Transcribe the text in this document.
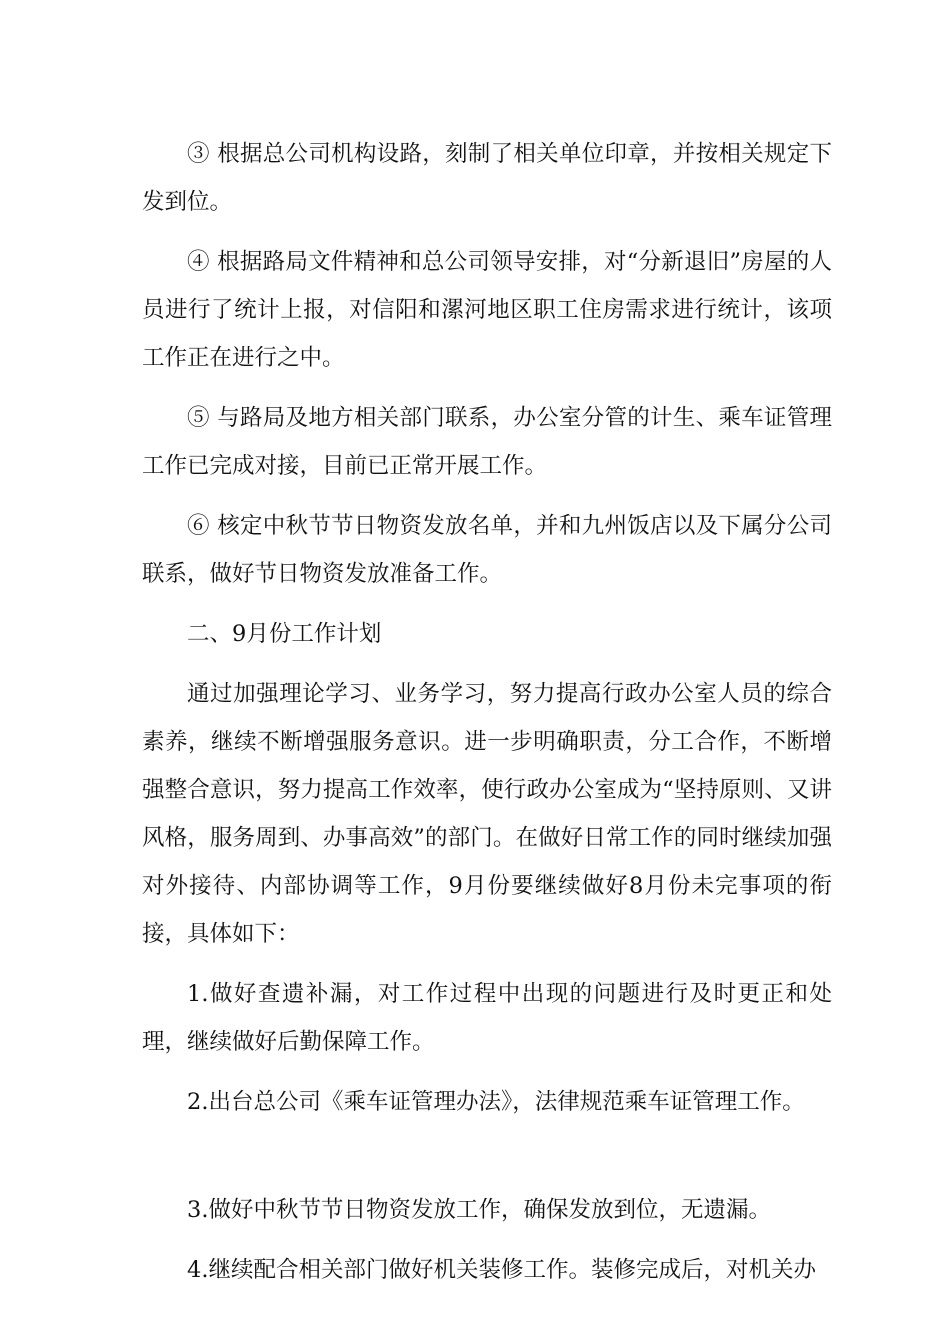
③ 根据总公司机构设路，刻制了相关单位印章，并按相关规定下发到位。

④ 根据路局文件精神和总公司领导安排，对“分新退旧”房屋的人员进行了统计上报，对信阳和漯河地区职工住房需求进行统计，该项工作正在进行之中。

⑤ 与路局及地方相关部门联系，办公室分管的计生、乘车证管理工作已完成对接，目前已正常开展工作。

⑥ 核定中秋节节日物资发放名单，并和九州饭店以及下属分公司联系，做好节日物资发放准备工作。

二、9月份工作计划

通过加强理论学习、业务学习，努力提高行政办公室人员的综合素养，继续不断增强服务意识。进一步明确职责，分工合作，不断增强整合意识，努力提高工作效率，使行政办公室成为“坚持原则、又讲风格，服务周到、办事高效”的部门。在做好日常工作的同时继续加强对外接待、内部协调等工作，9月份要继续做好8月份未完事项的衔接，具体如下：

1.做好查遗补漏，对工作过程中出现的问题进行及时更正和处理，继续做好后勤保障工作。

2.出台总公司《乘车证管理办法》，法律规范乘车证管理工作。

3.做好中秋节节日物资发放工作，确保发放到位，无遗漏。

4.继续配合相关部门做好机关装修工作。装修完成后，对机关办
